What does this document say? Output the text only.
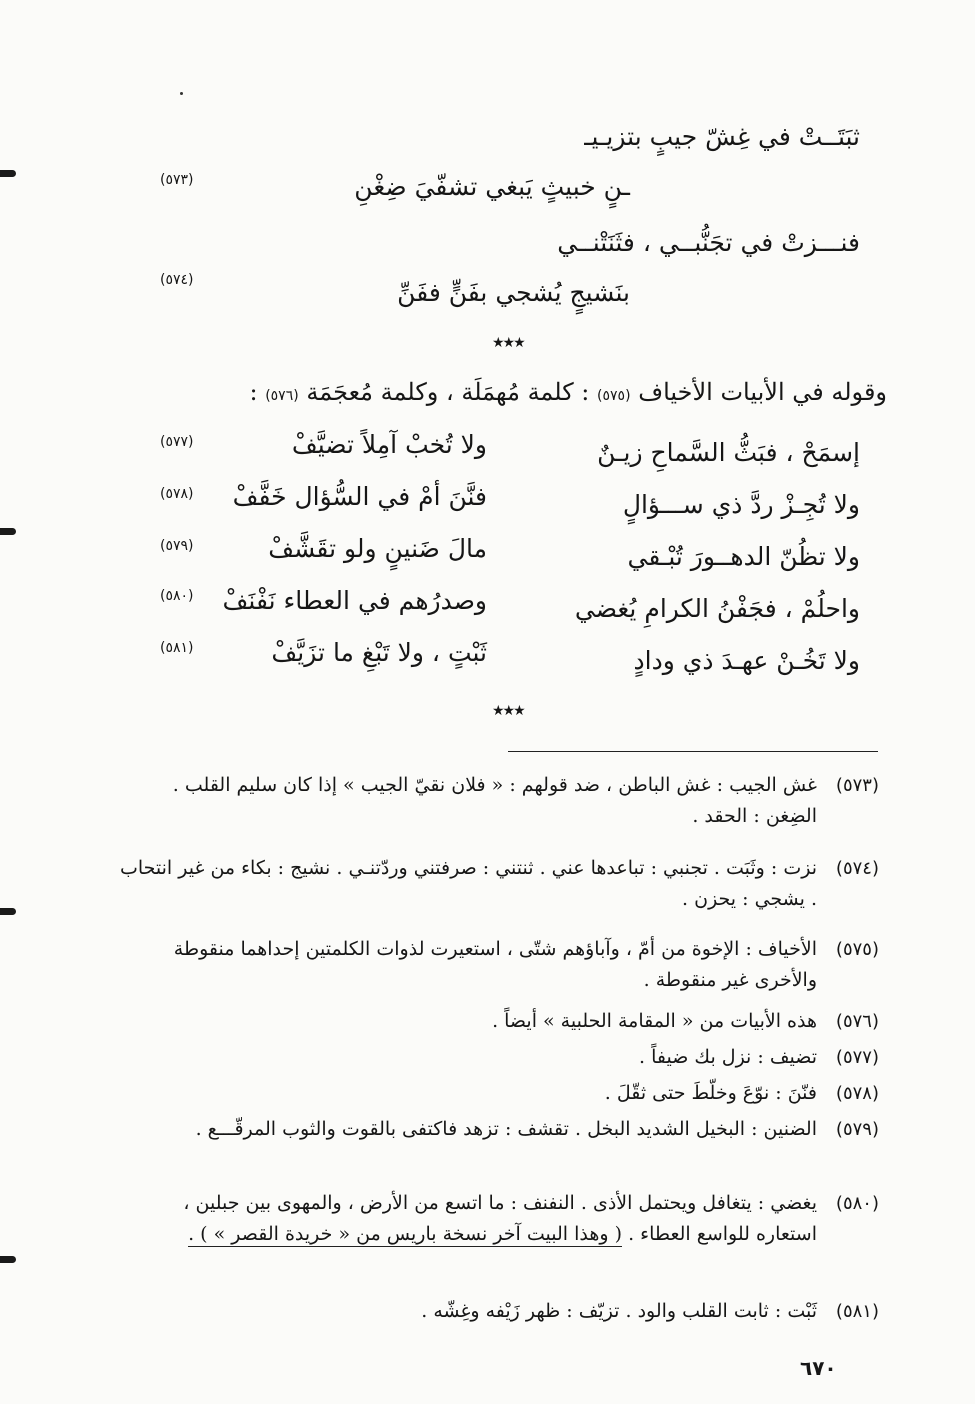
ثبَتَــتْ في غِشّ جيبٍ بتزيـيـ
ـنٍ خبيثٍ يَبغي تشفّيَ ضِغْنِ
(٥٧٣)
فنـــزتْ في تجَنُّبــي ، فثَنَتْنــي
بنَشيجٍ يُشجي بفَنٍّ ففَنِّ
(٥٧٤)
★★★
وقوله في الأبيات الأخياف (٥٧٥) : كلمة مُهمَلَة ، وكلمة مُعجَمَة (٥٧٦) :
إسمَحْ ، فبَثُّ السَّماحِ زيـنٌ
ولا تُخبْ آمِلاً تضيَّفْ
(٥٧٧)
ولا تُجِـزْ ردَّ ذي ســـؤالٍ
فنَّنَ أمْ في السُّؤال خَفَّفْ
(٥٧٨)
ولا تظُنّ الدهــورَ تُبْـقي
مالَ ضَنينٍ ولو تقَشَّفْ
(٥٧٩)
واحلُمْ ، فجَفْنُ الكرامِ يُغضي
وصدرُهم في العطاء نَفْنَفْ
(٥٨٠)
ولا تَخُـنْ عهـدَ ذي ودادٍ
ثَبْتٍ ، ولا تَبْغِ ما تزَيَّفْ
(٥٨١)
★★★
(٥٧٣)
غش الجيب : غش الباطن ، ضد قولهم : « فلان نقيّ الجيب » إذا كان سليم القلب . الضِغن : الحقد .
(٥٧٤)
نزت : وثَبَت . تجنبي : تباعدها عني . ثنتني : صرفتني وردّتنـي . نشيج : بكاء من غير انتحاب . يشجي : يحزن .
(٥٧٥)
الأخياف : الإخوة من أمّ ، وآباؤهم شتّى ، استعيرت لذوات الكلمتين إحداهما منقوطة والأخرى غير منقوطة .
(٥٧٦)
هذه الأبيات من « المقامة الحلبية » أيضاً .
(٥٧٧)
تضيف : نزل بك ضيفاً .
(٥٧٨)
فنّنَ : نوّعَ وخلّطَ حتى ثقّلَ .
(٥٧٩)
الضنين : البخيل الشديد البخل . تقشف : تزهد فاكتفى بالقوت والثوب المرقّـــع .
(٥٨٠)
يغضي : يتغافل ويحتمل الأذى . النفنف : ما اتسع من الأرض ، والمهوى بين جبلين ، استعاره للواسع العطاء . ( وهذا البيت آخر نسخة باريس من « خريدة القصر » ) .
(٥٨١)
ثَبْت : ثابت القلب والود . تزيّف : ظهر زَيْفه وغِشّه .
٦٧٠
